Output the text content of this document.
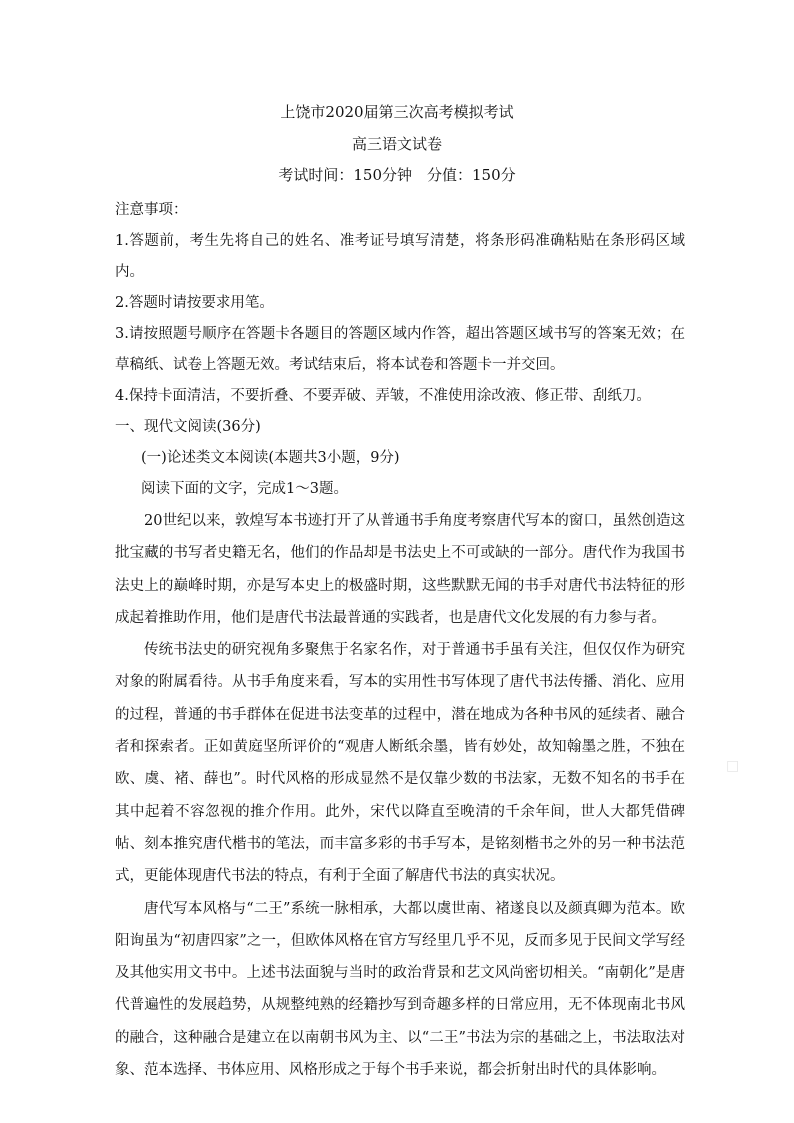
上饶市2020届第三次高考模拟考试

高三语文试卷

考试时间：150分钟　分值：150分

注意事项：

1.答题前，考生先将自己的姓名、准考证号填写清楚，将条形码准确粘贴在条形码区域内。

2.答题时请按要求用笔。

3.请按照题号顺序在答题卡各题目的答题区域内作答，超出答题区域书写的答案无效；在草稿纸、试卷上答题无效。考试结束后，将本试卷和答题卡一并交回。

4.保持卡面清洁，不要折叠、不要弄破、弄皱，不准使用涂改液、修正带、刮纸刀。

一、现代文阅读(36分)

(一)论述类文本阅读(本题共3小题，9分)

阅读下面的文字，完成1～3题。

20世纪以来，敦煌写本书迹打开了从普通书手角度考察唐代写本的窗口，虽然创造这批宝藏的书写者史籍无名，他们的作品却是书法史上不可或缺的一部分。唐代作为我国书法史上的巅峰时期，亦是写本史上的极盛时期，这些默默无闻的书手对唐代书法特征的形成起着推助作用，他们是唐代书法最普通的实践者，也是唐代文化发展的有力参与者。

传统书法史的研究视角多聚焦于名家名作，对于普通书手虽有关注，但仅仅作为研究对象的附属看待。从书手角度来看，写本的实用性书写体现了唐代书法传播、消化、应用的过程，普通的书手群体在促进书法变革的过程中，潜在地成为各种书风的延续者、融合者和探索者。正如黄庭坚所评价的“观唐人断纸余墨，皆有妙处，故知翰墨之胜，不独在欧、虞、褚、薛也”。时代风格的形成显然不是仅靠少数的书法家，无数不知名的书手在其中起着不容忽视的推介作用。此外，宋代以降直至晚清的千余年间，世人大都凭借碑帖、刻本推究唐代楷书的笔法，而丰富多彩的书手写本，是铭刻楷书之外的另一种书法范式，更能体现唐代书法的特点，有利于全面了解唐代书法的真实状况。

唐代写本风格与“二王”系统一脉相承，大都以虞世南、褚遂良以及颜真卿为范本。欧阳询虽为“初唐四家”之一，但欧体风格在官方写经里几乎不见，反而多见于民间文学写经及其他实用文书中。上述书法面貌与当时的政治背景和艺文风尚密切相关。“南朝化”是唐代普遍性的发展趋势，从规整纯熟的经籍抄写到奇趣多样的日常应用，无不体现南北书风的融合，这种融合是建立在以南朝书风为主、以“二王”书法为宗的基础之上，书法取法对象、范本选择、书体应用、风格形成之于每个书手来说，都会折射出时代的具体影响。

□
